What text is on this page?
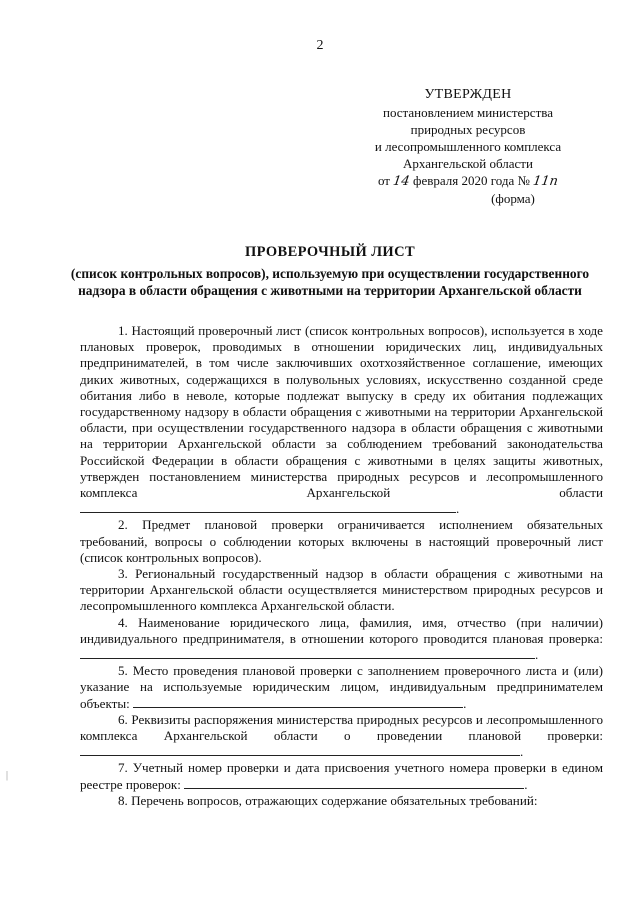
2
УТВЕРЖДЕН
постановлением министерства
природных ресурсов
и лесопромышленного комплекса
Архангельской области
от 14 февраля 2020 года № 11п
(форма)
ПРОВЕРОЧНЫЙ ЛИСТ
(список контрольных вопросов), используемую при осуществлении государственного надзора в области обращения с животными на территории Архангельской области

1. Настоящий проверочный лист (список контрольных вопросов), используется в ходе плановых проверок, проводимых в отношении юридических лиц, индивидуальных предпринимателей, в том числе заключивших охотхозяйственное соглашение, имеющих диких животных, содержащихся в полувольных условиях, искусственно созданной среде обитания либо в неволе, которые подлежат выпуску в среду их обитания подлежащих государственному надзору в области обращения с животными на территории Архангельской области, при осуществлении государственного надзора в области обращения с животными на территории Архангельской области за соблюдением требований законодательства Российской Федерации в области обращения с животными в целях защиты животных, утвержден постановлением министерства природных ресурсов и лесопромышленного комплекса Архангельской области .

2. Предмет плановой проверки ограничивается исполнением обязательных требований, вопросы о соблюдении которых включены в настоящий проверочный лист (список контрольных вопросов).

3. Региональный государственный надзор в области обращения с животными на территории Архангельской области осуществляется министерством природных ресурсов и лесопромышленного комплекса Архангельской области.

4. Наименование юридического лица, фамилия, имя, отчество (при наличии) индивидуального предпринимателя, в отношении которого проводится плановая проверка: .

5. Место проведения плановой проверки с заполнением проверочного листа и (или) указание на используемые юридическим лицом, индивидуальным предпринимателем объекты:	.

6. Реквизиты распоряжения министерства природных ресурсов и лесопромышленного комплекса Архангельской области о проведении плановой проверки: .

7. Учетный номер проверки и дата присвоения учетного номера проверки в едином реестре проверок:	.

8. Перечень вопросов, отражающих содержание обязательных требований:

|
